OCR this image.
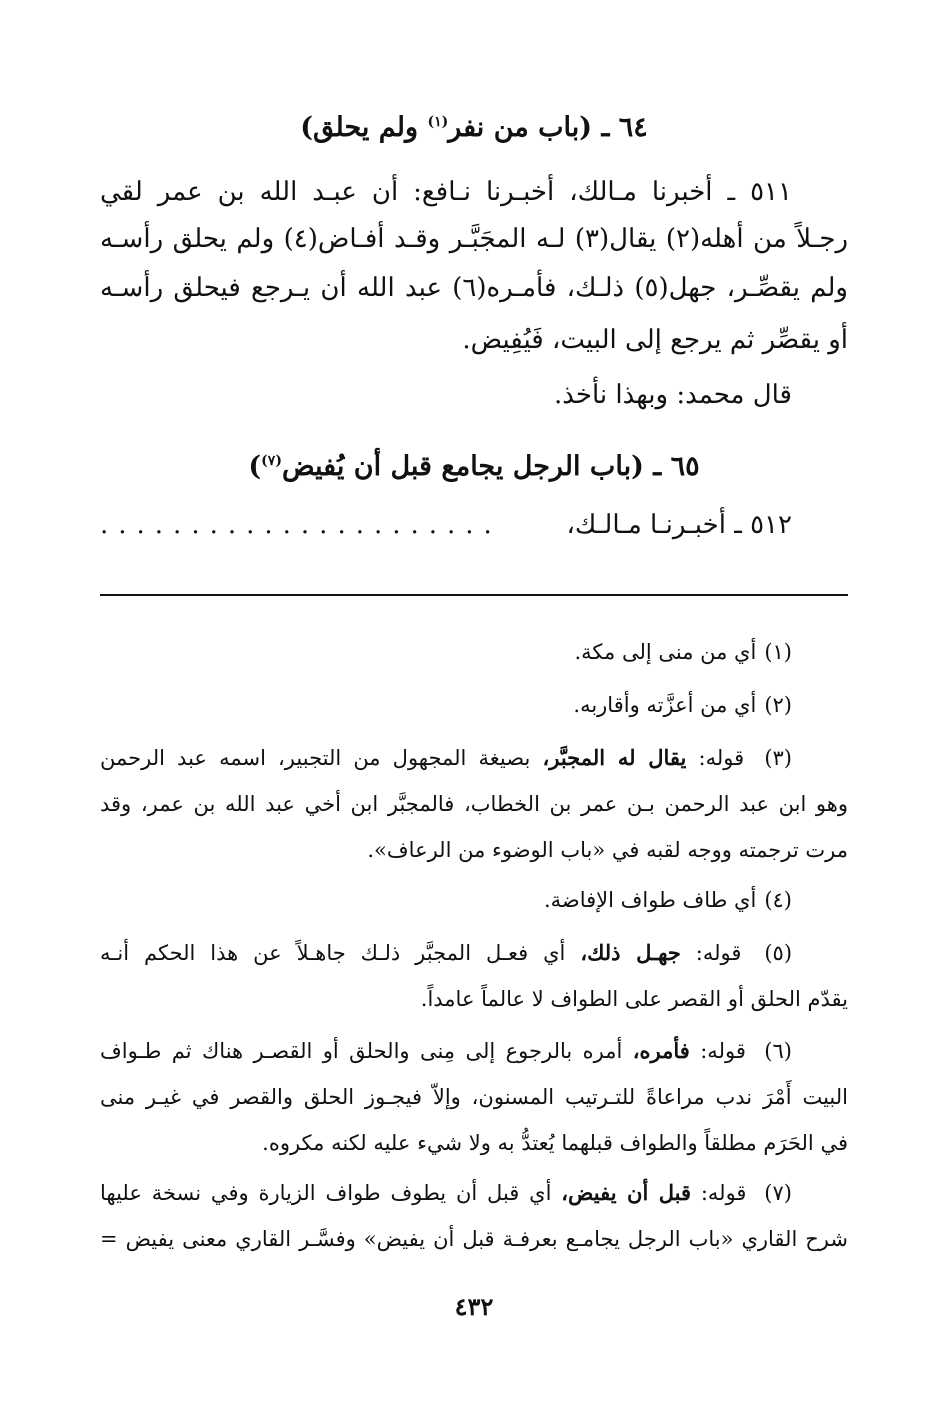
٦٤ ـ (باب من نفر$^{(١)}$ ولم يحلق)
٥١١ ـ أخبرنا مـالك، أخبـرنا نـافع: أن عبـد الله بن عمر لقي
رجـلاً من أهله(٢) يقال(٣) لـه المجَبَّـر وقـد أفـاض(٤) ولم يحلق رأسـه
ولم يقصِّـر، جهل(٥) ذلـك، فأمـره(٦) عبد الله أن يـرجع فيحلق رأسـه
أو يقصِّر ثم يرجع إلى البيت، فَيُفِيض.
قال محمد: وبهذا نأخذ.
٦٥ ـ (باب الرجل يجامع قبل أن يُفيض$^{(٧)}$)
٥١٢ ـ أخبـرنـا مـالـك،
......................
(١)أي من منى إلى مكة.
(٢)أي من أعزَّته وأقاربه.
(٣) قوله: يقال له المجبَّر، بصيغة المجهول من التجبير، اسمه عبد الرحمن
وهو ابن عبد الرحمن بـن عمر بن الخطاب، فالمجبَّر ابن أخي عبد الله بن عمر، وقد
مرت ترجمته ووجه لقبه في «باب الوضوء من الرعاف».
(٤)أي طاف طواف الإفاضة.
(٥) قوله: جهـل ذلك، أي فعـل المجبَّر ذلـك جاهـلاً عن هذا الحكم أنـه
يقدّم الحلق أو القصر على الطواف لا عالماً عامداً.
(٦) قوله: فأمره، أمره بالرجوع إلى مِنى والحلق أو القصـر هناك ثم طـواف
البيت أَمْرَ ندب مراعاةً للتـرتيب المسنون، وإلاّ فيجـوز الحلق والقصر في غيـر منى
في الحَرَم مطلقاً والطواف قبلهما يُعتدُّ به ولا شيء عليه لكنه مكروه.
(٧) قوله: قبل أن يفيض، أي قبل أن يطوف طواف الزيارة وفي نسخة عليها
شرح القاري «باب الرجل يجامـع بعرفـة قبل أن يفيض» وفسَّـر القاري معنى يفيض =
٤٣٢
